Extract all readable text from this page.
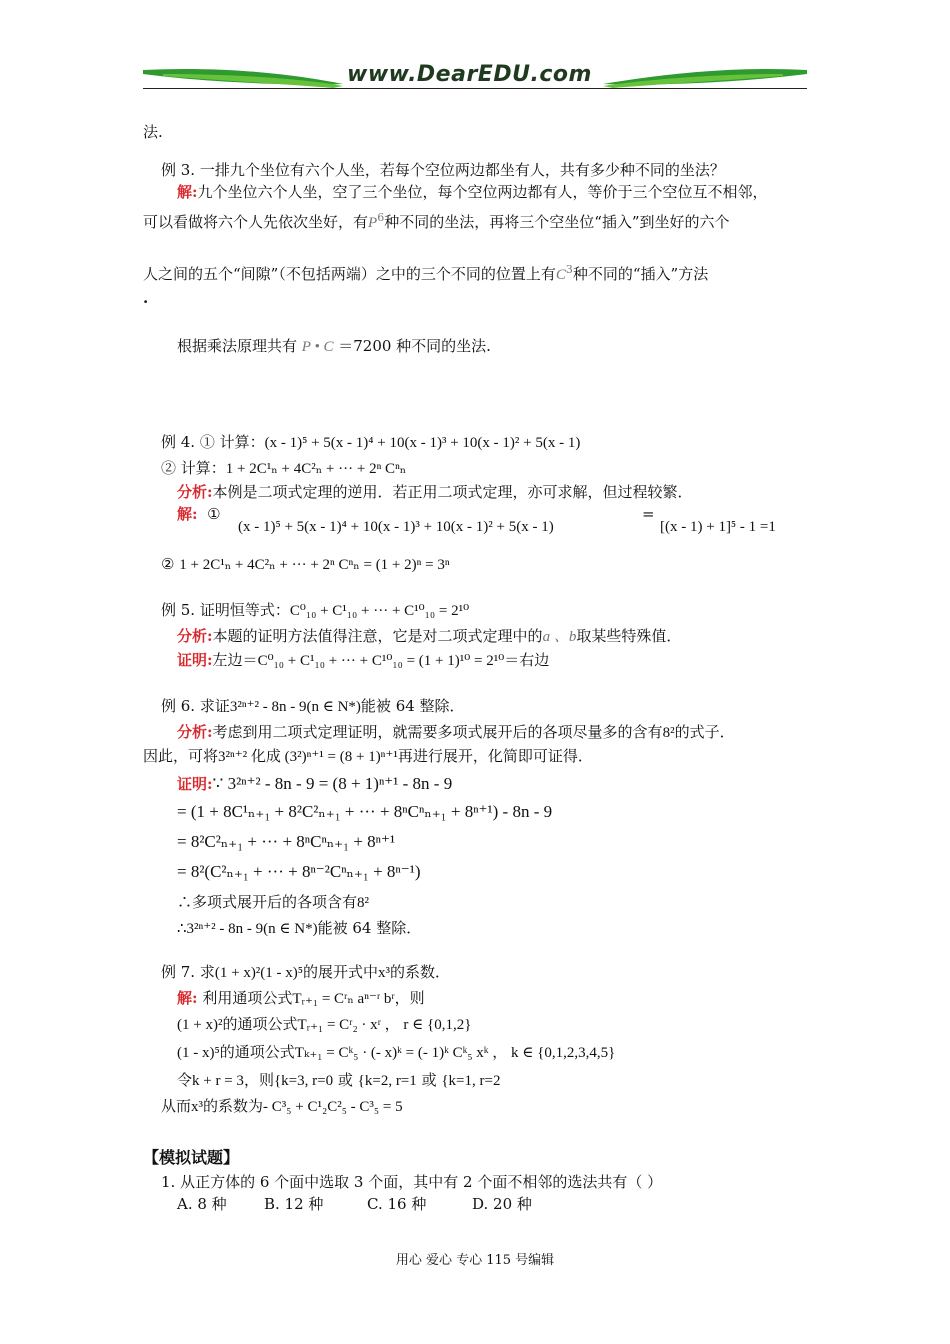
www.DearEDU.com
法.
例 3. 一排九个坐位有六个人坐，若每个空位两边都坐有人，共有多少种不同的坐法？
解:九个坐位六个人坐，空了三个坐位，每个空位两边都有人，等价于三个空位互不相邻，
可以看做将六个人先依次坐好，有$P^6$种不同的坐法，再将三个空坐位“插入”到坐好的六个
人之间的五个“间隙”（不包括两端）之中的三个不同的位置上有$C^3$种不同的“插入”方法
.
根据乘法原理共有 P • C ＝7200 种不同的坐法.
例 4. ① 计算：(x - 1)⁵ + 5(x - 1)⁴ + 10(x - 1)³ + 10(x - 1)² + 5(x - 1)
② 计算：1 + 2C¹ₙ + 4C²ₙ + ··· + 2ⁿ Cⁿₙ
分析:本例是二项式定理的逆用．若正用二项式定理，亦可求解，但过程较繁．
解: ①
(x - 1)⁵ + 5(x - 1)⁴ + 10(x - 1)³ + 10(x - 1)² + 5(x - 1)
=
[(x - 1) + 1]⁵ - 1 =1
② 1 + 2C¹ₙ + 4C²ₙ + ··· + 2ⁿ Cⁿₙ = (1 + 2)ⁿ = 3ⁿ
例 5. 证明恒等式：C⁰₁₀ + C¹₁₀ + ··· + C¹⁰₁₀ = 2¹⁰
分析:本题的证明方法值得注意，它是对二项式定理中的a 、b取某些特殊值．
证明:左边＝C⁰₁₀ + C¹₁₀ + ··· + C¹⁰₁₀ = (1 + 1)¹⁰ = 2¹⁰＝右边
例 6. 求证3²ⁿ⁺² - 8n - 9(n ∈ N*)能被 64 整除．
分析:考虑到用二项式定理证明，就需要多项式展开后的各项尽量多的含有8²的式子．
因此，可将3²ⁿ⁺² 化成 (3²)ⁿ⁺¹ = (8 + 1)ⁿ⁺¹再进行展开，化简即可证得．
证明:∵ 3²ⁿ⁺² - 8n - 9 = (8 + 1)ⁿ⁺¹ - 8n - 9
= (1 + 8C¹ₙ₊₁ + 8²C²ₙ₊₁ + ··· + 8ⁿCⁿₙ₊₁ + 8ⁿ⁺¹) - 8n - 9
= 8²C²ₙ₊₁ + ··· + 8ⁿCⁿₙ₊₁ + 8ⁿ⁺¹
= 8²(C²ₙ₊₁ + ··· + 8ⁿ⁻²Cⁿₙ₊₁ + 8ⁿ⁻¹)
∴多项式展开后的各项含有8²
∴3²ⁿ⁺² - 8n - 9(n ∈ N*)能被 64 整除．
例 7. 求(1 + x)²(1 - x)⁵的展开式中x³的系数．
解: 利用通项公式Tᵣ₊₁ = Cʳₙ aⁿ⁻ʳ bʳ，则
(1 + x)²的通项公式Tᵣ₊₁ = Cʳ₂ · xʳ ， r ∈ {0,1,2}
(1 - x)⁵的通项公式Tₖ₊₁ = Cᵏ₅ · (- x)ᵏ = (- 1)ᵏ Cᵏ₅ xᵏ ， k ∈ {0,1,2,3,4,5}
令k + r = 3，则{k=3, r=0 或 {k=2, r=1 或 {k=1, r=2
从而x³的系数为- C³₅ + C¹₂C²₅ - C³₅ = 5
【模拟试题】
1. 从正方体的 6 个面中选取 3 个面，其中有 2 个面不相邻的选法共有（ ）
A. 8 种 B. 12 种	C. 16 种	D. 20 种
用心 爱心 专心 115 号编辑
